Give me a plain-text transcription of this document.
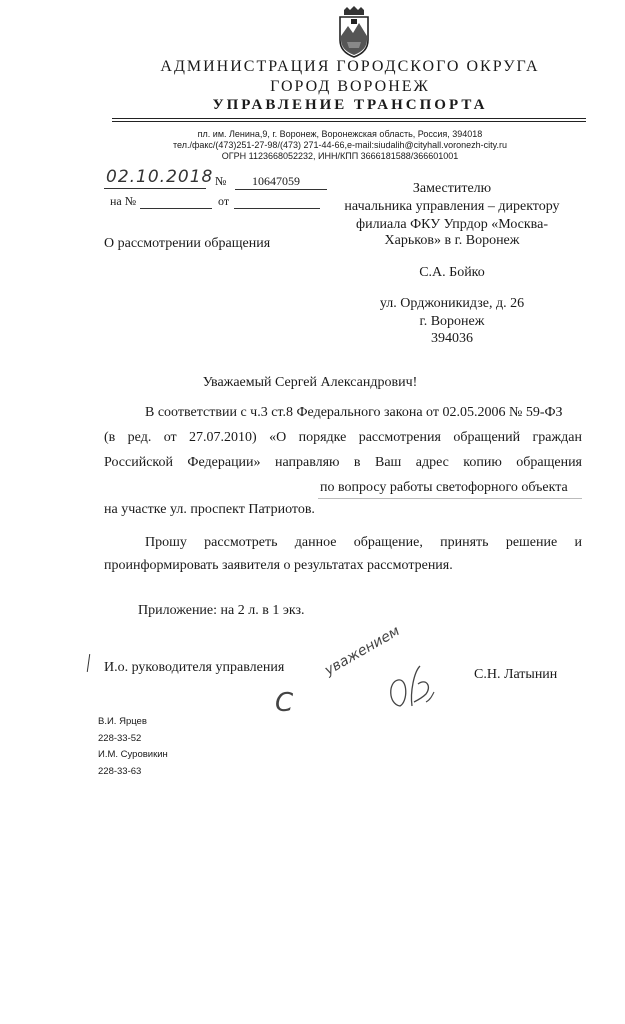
АДМИНИСТРАЦИЯ ГОРОДСКОГО ОКРУГА
ГОРОД ВОРОНЕЖ
УПРАВЛЕНИЕ ТРАНСПОРТА
пл. им. Ленина,9, г. Воронеж, Воронежская область, Россия, 394018
тел./факс/(473)251-27-98/(473) 271-44-66,e-mail:siudalih@cityhall.voronezh-city.ru
ОГРН 1123668052232, ИНН/КПП 3666181588/366601001
02.10.2018 № 10647059
на №	от
О рассмотрении обращения
Заместителю
начальника управления – директору
филиала ФКУ Упрдор «Москва-
Харьков» в г. Воронеж
С.А. Бойко
ул. Орджоникидзе, д. 26
г. Воронеж
394036
Уважаемый Сергей Александрович!
В соответствии с ч.3 ст.8 Федерального закона от 02.05.2006 № 59-ФЗ
(в ред. от 27.07.2010) «О порядке рассмотрения обращений граждан
Российской Федерации» направляю в Ваш адрес копию обращения
по вопросу работы светофорного объекта
на участке ул. проспект Патриотов.
Прошу рассмотреть данное обращение, принять решение и
проинформировать заявителя о результатах рассмотрения.
Приложение: на 2 л. в 1 экз.
И.о. руководителя управления
С
уважением	С.Н. Латынин
В.И. Ярцев
228-33-52
И.М. Суровикин
228-33-63
